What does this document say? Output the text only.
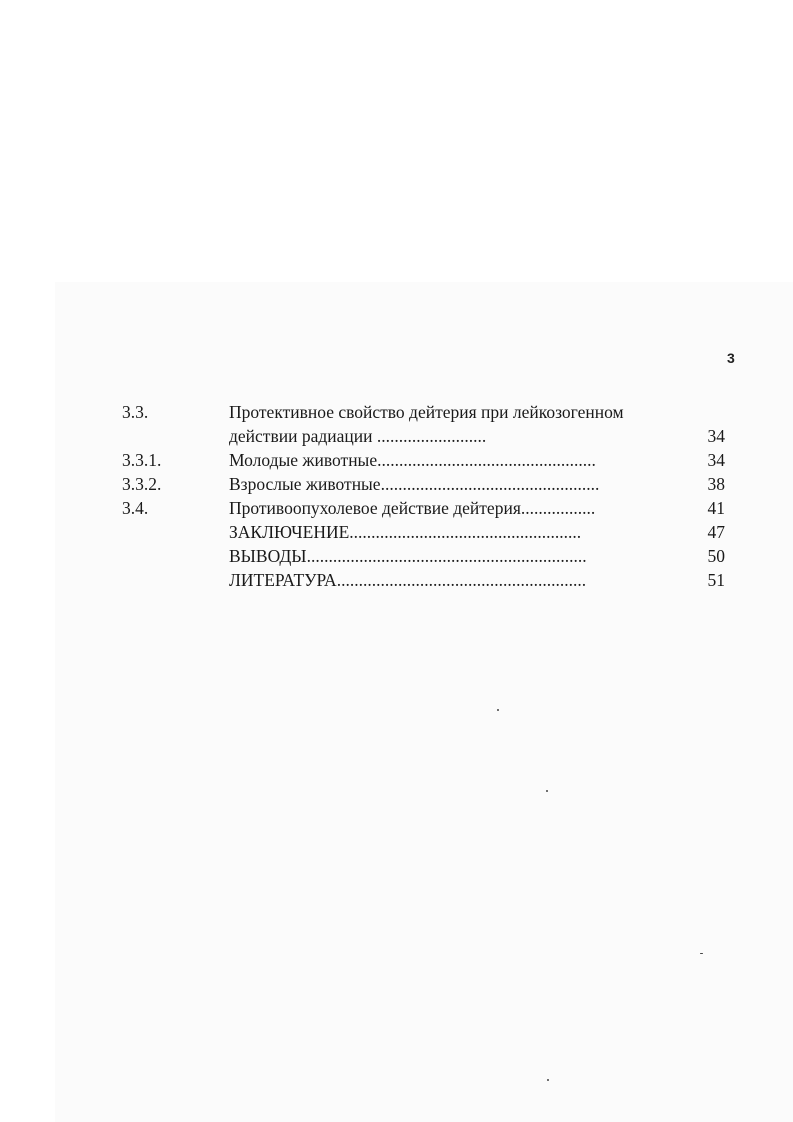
3
3.3.	Протективное свойство дейтерия при лейкозогенном
действии радиации .........................	34
3.3.1.	Молодые животные..................................................	34
3.3.2.	Взрослые животные..................................................	38
3.4.	Противоопухолевое действие дейтерия.................	41
ЗАКЛЮЧЕНИЕ.....................................................	47
ВЫВОДЫ................................................................	50
ЛИТЕРАТУРА.........................................................	51
